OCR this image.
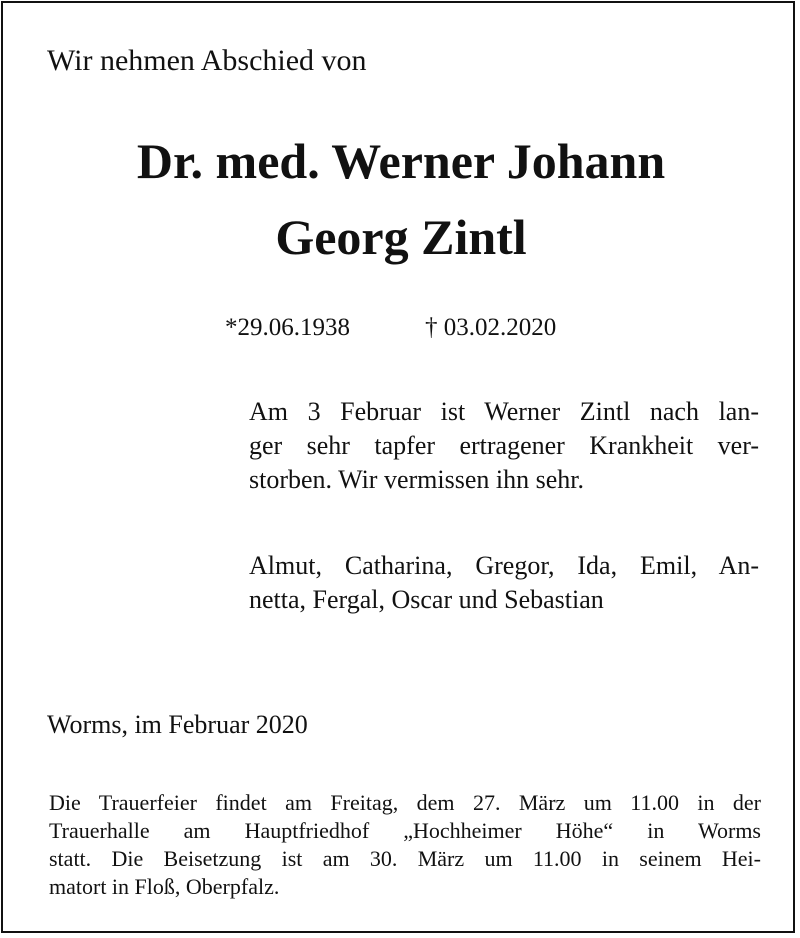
Wir nehmen Abschied von

Dr. med. Werner Johann

Georg Zintl

*29.06.1938	† 03.02.2020

Am 3 Februar ist Werner Zintl nach lan-

ger sehr tapfer ertragener Krankheit ver-

storben. Wir vermissen ihn sehr.

Almut, Catharina, Gregor, Ida, Emil, An-

netta, Fergal, Oscar und Sebastian

Worms, im Februar 2020

Die Trauerfeier findet am Freitag, dem 27. März um 11.00 in der

Trauerhalle am Hauptfriedhof „Hochheimer Höhe“ in Worms

statt. Die Beisetzung ist am 30. März um 11.00 in seinem Hei-

matort in Floß, Oberpfalz.
